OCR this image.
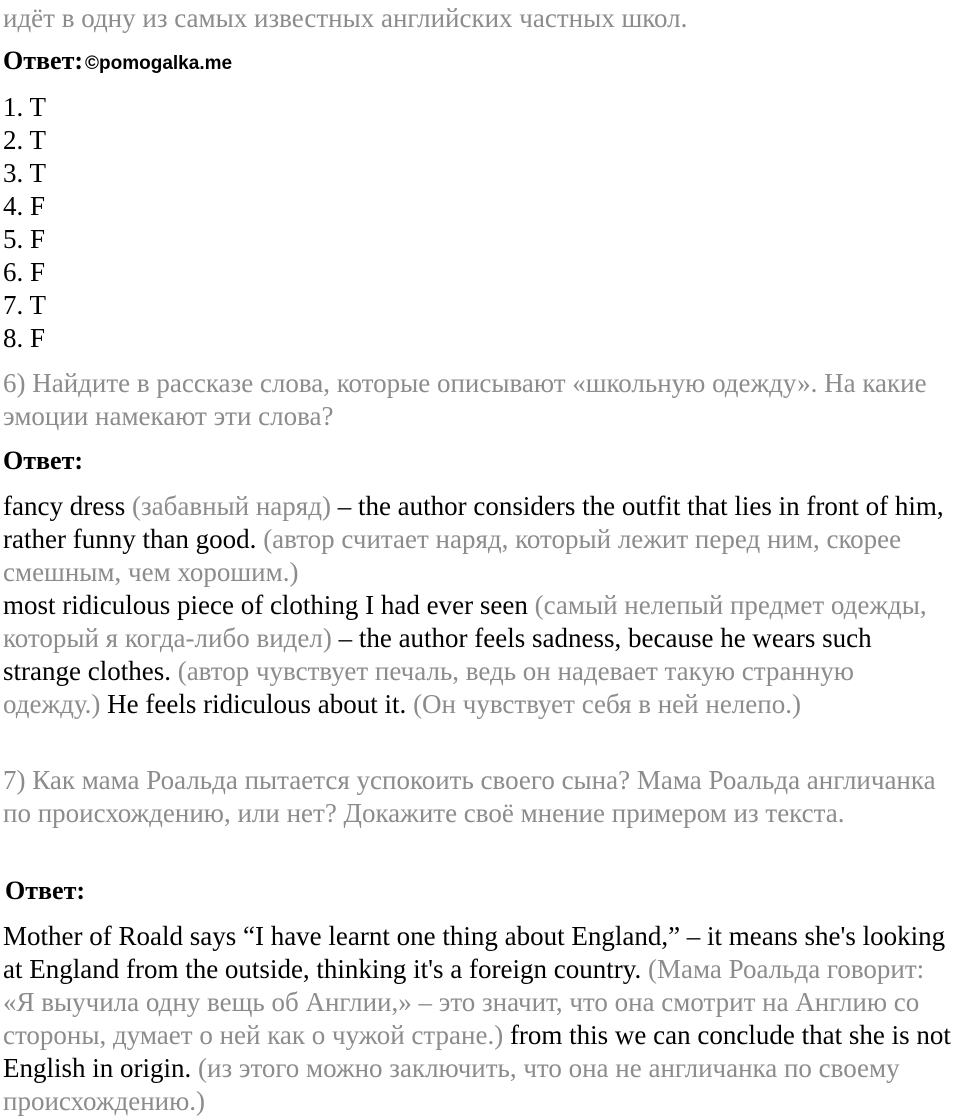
идёт в одну из самых известных английских частных школ.

Ответ: ©pomogalka.me
1. T
2. T
3. T
4. F
5. F
6. F
7. T
8. F

6) Найдите в рассказе слова, которые описывают «школьную одежду». На какие эмоции намекают эти слова?

Ответ:

fancy dress (забавный наряд) – the author considers the outfit that lies in front of him, rather funny than good. (автор считает наряд, который лежит перед ним, скорее смешным, чем хорошим.)

most ridiculous piece of clothing I had ever seen (самый нелепый предмет одежды, который я когда-либо видел) – the author feels sadness, because he wears such strange clothes. (автор чувствует печаль, ведь он надевает такую странную одежду.) He feels ridiculous about it. (Он чувствует себя в ней нелепо.)

7) Как мама Роальда пытается успокоить своего сына? Мама Роальда англичанка по происхождению, или нет? Докажите своё мнение примером из текста.

Ответ:

Mother of Roald says “I have learnt one thing about England,” – it means she's looking at England from the outside, thinking it's a foreign country. (Мама Роальда говорит: «Я выучила одну вещь об Англии,» – это значит, что она смотрит на Англию со стороны, думает о ней как о чужой стране.) from this we can conclude that she is not English in origin. (из этого можно заключить, что она не англичанка по своему происхождению.)
